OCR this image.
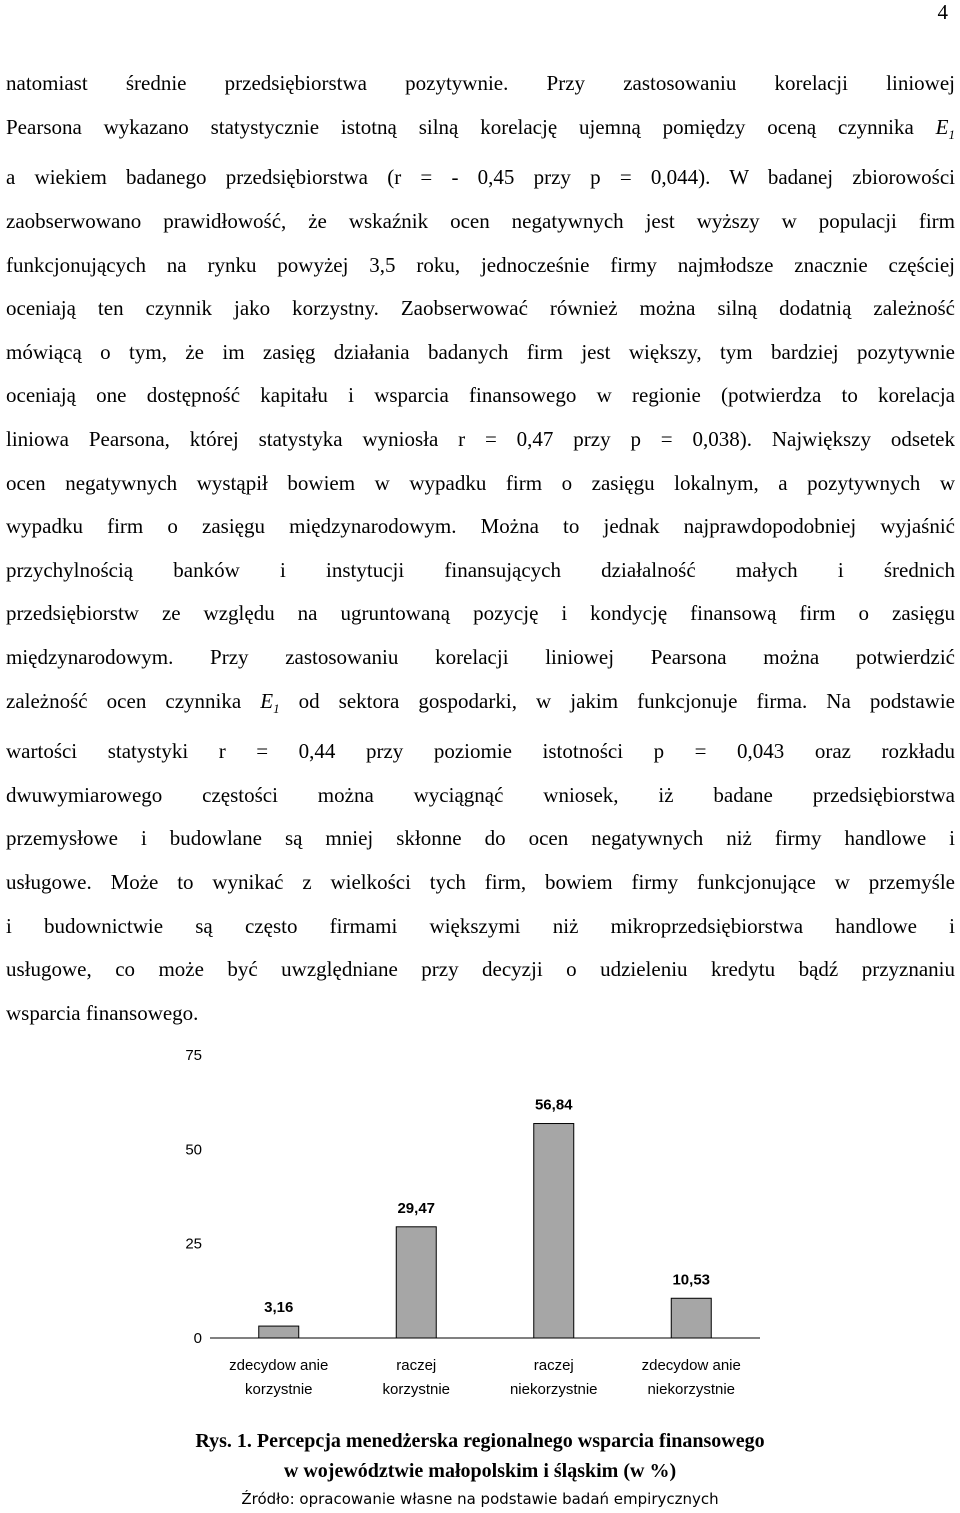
4
natomiast średnie przedsiębiorstwa pozytywnie. Przy zastosowaniu korelacji liniowej
Pearsona wykazano statystycznie istotną silną korelację ujemną pomiędzy oceną czynnika $E_1$
a wiekiem badanego przedsiębiorstwa (r = - 0,45 przy p = 0,044). W badanej zbiorowości
zaobserwowano prawidłowość, że wskaźnik ocen negatywnych jest wyższy w populacji firm
funkcjonujących na rynku powyżej 3,5 roku, jednocześnie firmy najmłodsze znacznie częściej
oceniają ten czynnik jako korzystny. Zaobserwować również można silną dodatnią zależność
mówiącą o tym, że im zasięg działania badanych firm jest większy, tym bardziej pozytywnie
oceniają one dostępność kapitału i wsparcia finansowego w regionie (potwierdza to korelacja
liniowa Pearsona, której statystyka wyniosła r = 0,47 przy p = 0,038). Największy odsetek
ocen negatywnych wystąpił bowiem w wypadku firm o zasięgu lokalnym, a pozytywnych w
wypadku firm o zasięgu międzynarodowym. Można to jednak najprawdopodobniej wyjaśnić
przychylnością banków i instytucji finansujących działalność małych i średnich
przedsiębiorstw ze względu na ugruntowaną pozycję i kondycję finansową firm o zasięgu
międzynarodowym. Przy zastosowaniu korelacji liniowej Pearsona można potwierdzić
zależność ocen czynnika $E_1$ od sektora gospodarki, w jakim funkcjonuje firma. Na podstawie
wartości statystyki r = 0,44 przy poziomie istotności p = 0,043 oraz rozkładu
dwuwymiarowego częstości można wyciągnąć wniosek, iż badane przedsiębiorstwa
przemysłowe i budowlane są mniej skłonne do ocen negatywnych niż firmy handlowe i
usługowe. Może to wynikać z wielkości tych firm, bowiem firmy funkcjonujące w przemyśle
i budownictwie są często firmami większymi niż mikroprzedsiębiorstwa handlowe i
usługowe, co może być uwzględniane przy decyzji o udzieleniu kredytu bądź przyznaniu
wsparcia finansowego.
0
25
50
75
3,16
zdecydow anie
korzystnie
29,47
raczej
korzystnie
56,84
raczej
niekorzystnie
10,53
zdecydow anie
niekorzystnie
Rys. 1. Percepcja menedżerska regionalnego wsparcia finansowego
w województwie małopolskim i śląskim (w %)
Źródło: opracowanie własne na podstawie badań empirycznych
